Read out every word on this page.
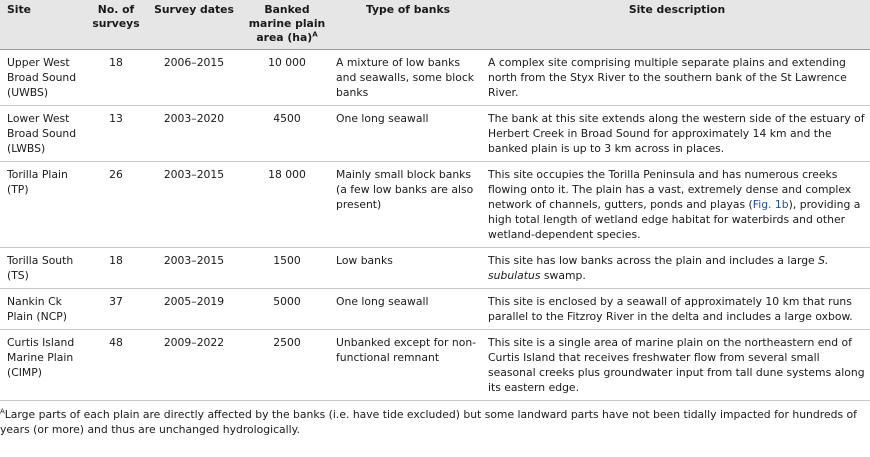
Site	No. of surveys	Survey dates	Banked marine plain area (ha)$^A$	Type of banks	Site description
Upper West Broad Sound (UWBS)	18	2006–2015	10 000	A mixture of low banks and seawalls, some block banks	A complex site comprising multiple separate plains and extending north from the Styx River to the southern bank of the St Lawrence River.
Lower West Broad Sound (LWBS)	13	2003–2020	4500	One long seawall	The bank at this site extends along the western side of the estuary of Herbert Creek in Broad Sound for approximately 14 km and the banked plain is up to 3 km across in places.
Torilla Plain (TP)	26	2003–2015	18 000	Mainly small block banks (a few low banks are also present)	This site occupies the Torilla Peninsula and has numerous creeks flowing onto it. The plain has a vast, extremely dense and complex network of channels, gutters, ponds and playas (Fig. 1b), providing a high total length of wetland edge habitat for waterbirds and other wetland-dependent species.
Torilla South (TS)	18	2003–2015	1500	Low banks	This site has low banks across the plain and includes a large S. subulatus swamp.
Nankin Ck Plain (NCP)	37	2005–2019	5000	One long seawall	This site is enclosed by a seawall of approximately 10 km that runs parallel to the Fitzroy River in the delta and includes a large oxbow.
Curtis Island Marine Plain (CIMP)	48	2009–2022	2500	Unbanked except for non-functional remnant	This site is a single area of marine plain on the northeastern end of Curtis Island that receives freshwater flow from several small seasonal creeks plus groundwater input from tall dune systems along its eastern edge.
$^A$Large parts of each plain are directly affected by the banks (i.e. have tide excluded) but some landward parts have not been tidally impacted for hundreds of years (or more) and thus are unchanged hydrologically.
